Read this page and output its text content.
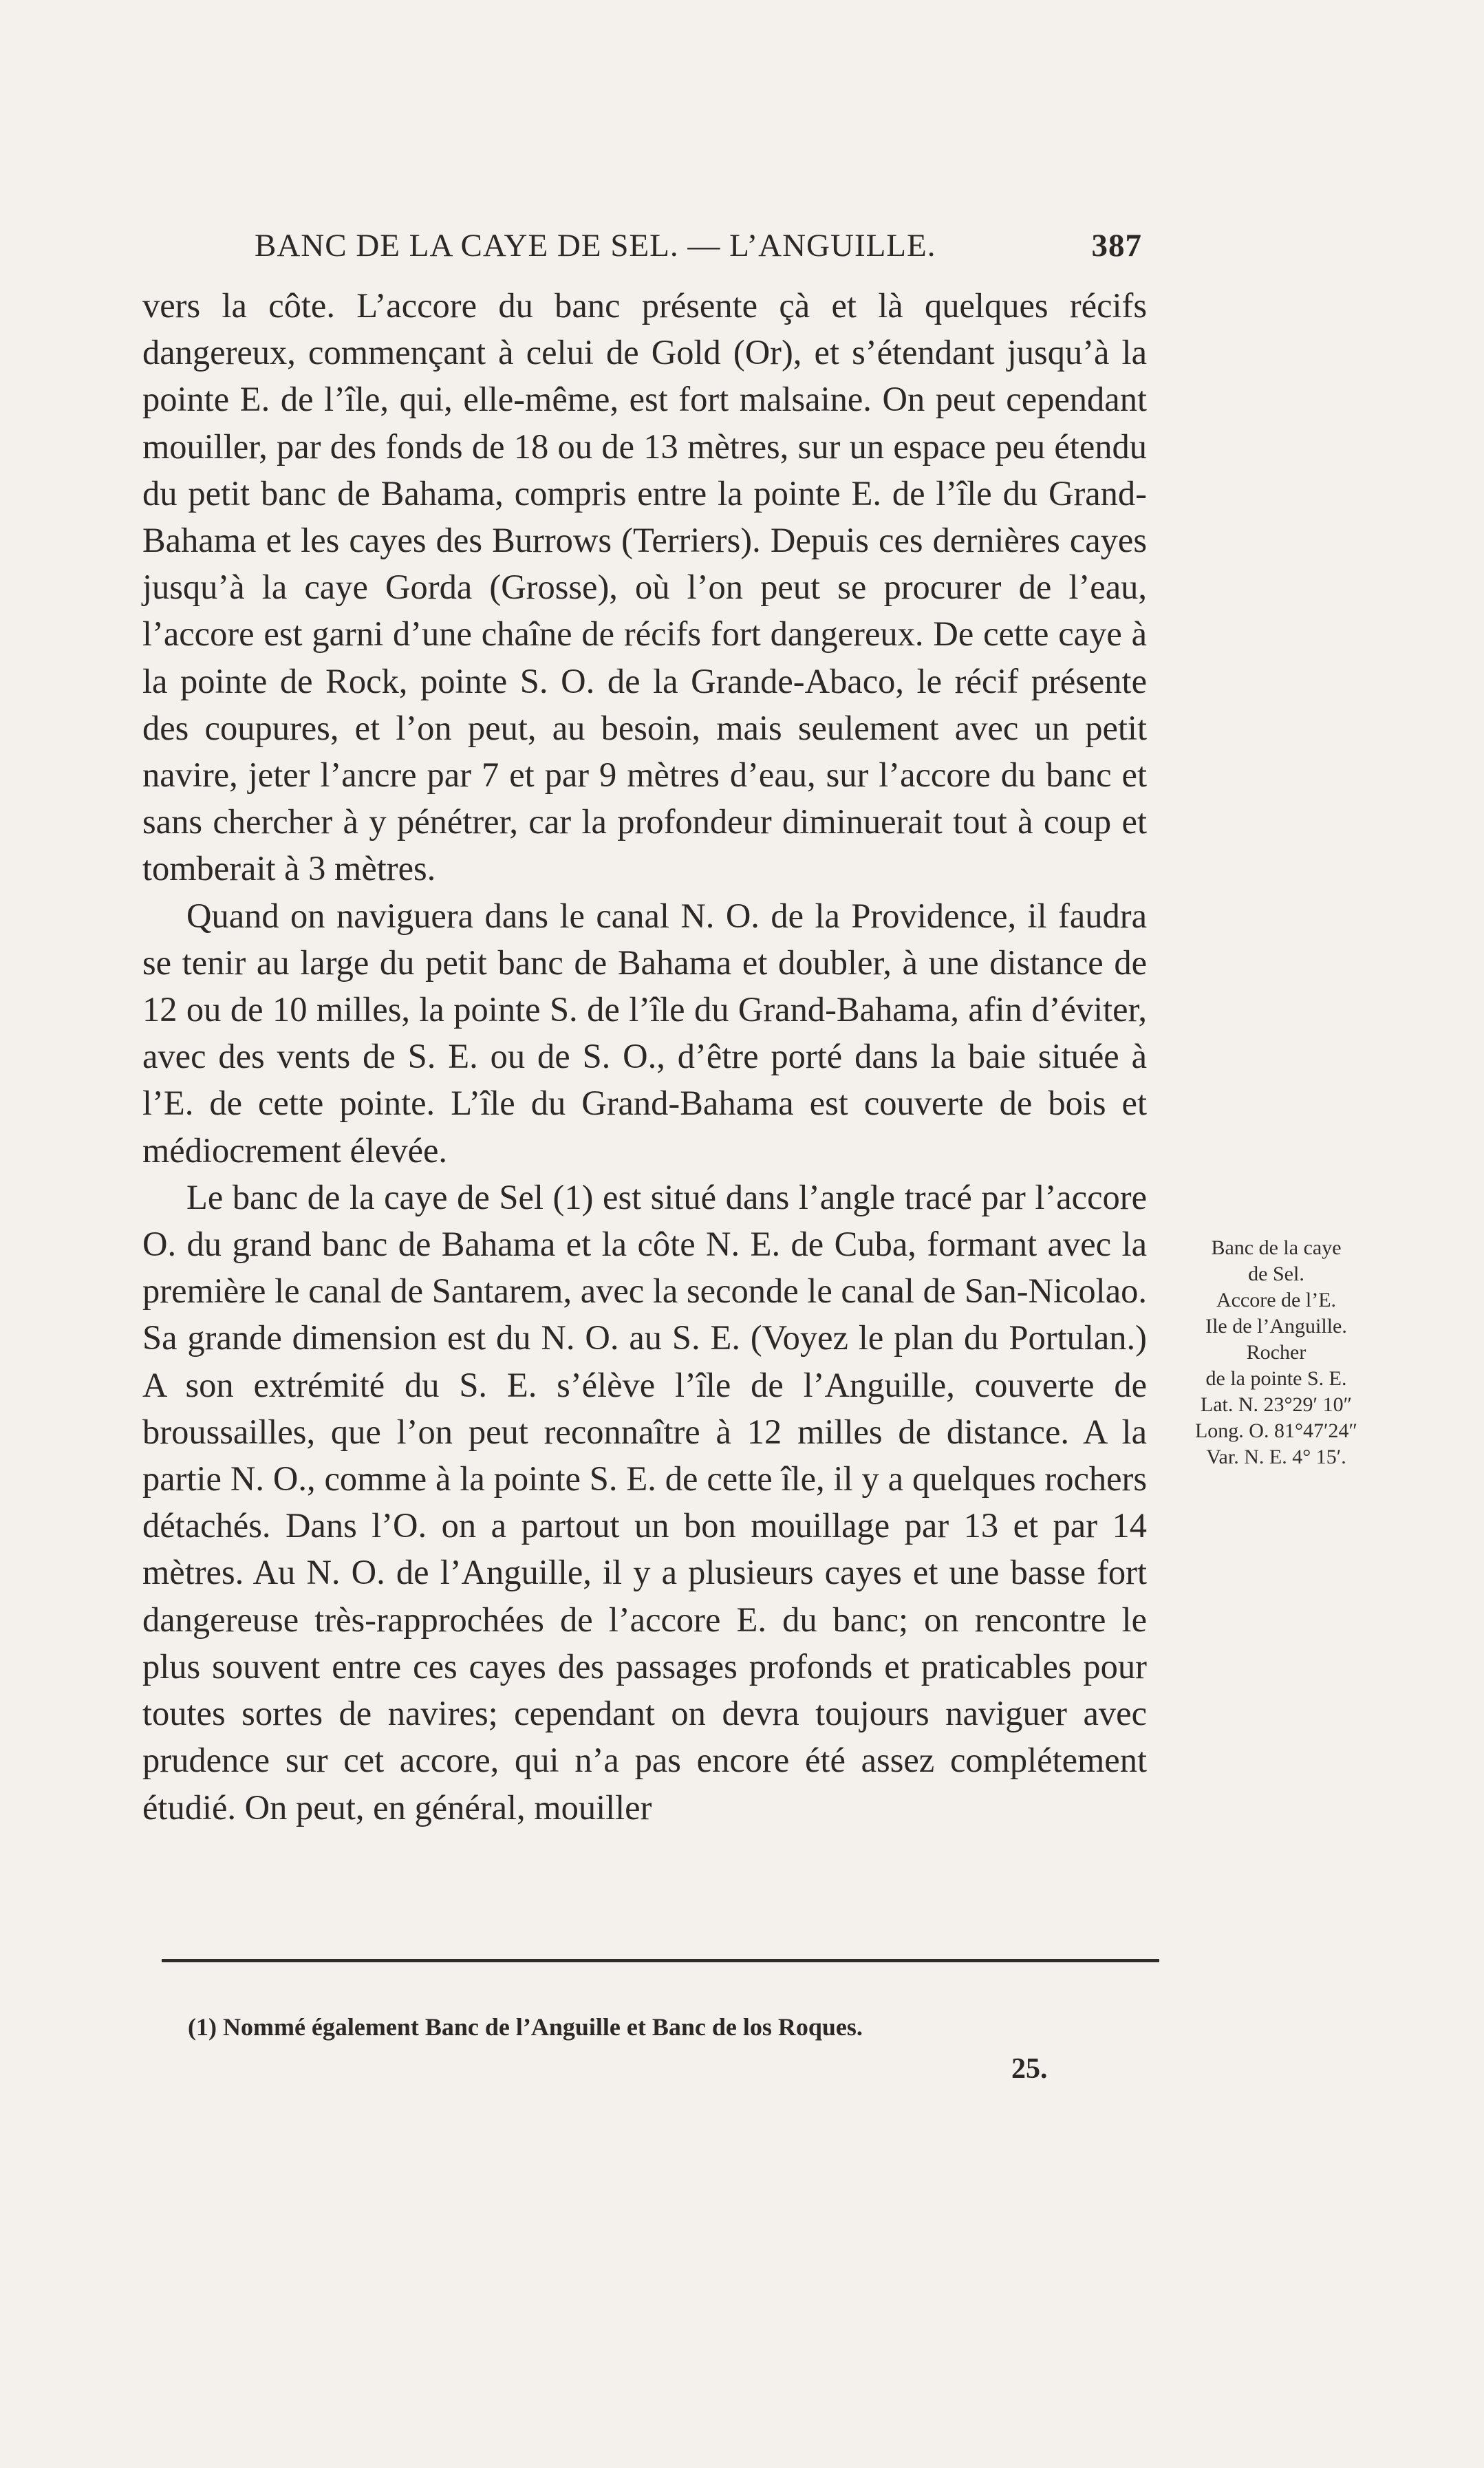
BANC DE LA CAYE DE SEL. — L’ANGUILLE.	387

vers la côte. L’accore du banc présente çà et là quelques récifs dangereux, commençant à celui de Gold (Or), et s’étendant jusqu’à la pointe E. de l’île, qui, elle-même, est fort malsaine. On peut cependant mouiller, par des fonds de 18 ou de 13 mètres, sur un espace peu étendu du petit banc de Bahama, compris entre la pointe E. de l’île du Grand-Bahama et les cayes des Burrows (Terriers). Depuis ces dernières cayes jusqu’à la caye Gorda (Grosse), où l’on peut se procurer de l’eau, l’accore est garni d’une chaîne de récifs fort dangereux. De cette caye à la pointe de Rock, pointe S. O. de la Grande-Abaco, le récif présente des coupures, et l’on peut, au besoin, mais seulement avec un petit navire, jeter l’ancre par 7 et par 9 mètres d’eau, sur l’accore du banc et sans chercher à y pénétrer, car la profondeur diminuerait tout à coup et tomberait à 3 mètres.

Quand on naviguera dans le canal N. O. de la Providence, il faudra se tenir au large du petit banc de Bahama et doubler, à une distance de 12 ou de 10 milles, la pointe S. de l’île du Grand-Bahama, afin d’éviter, avec des vents de S. E. ou de S. O., d’être porté dans la baie située à l’E. de cette pointe. L’île du Grand-Bahama est couverte de bois et médiocrement élevée.

Le banc de la caye de Sel (1) est situé dans l’angle tracé par l’accore O. du grand banc de Bahama et la côte N. E. de Cuba, formant avec la première le canal de Santarem, avec la seconde le canal de San-Nicolao. Sa grande dimension est du N. O. au S. E. (Voyez le plan du Portulan.) A son extrémité du S. E. s’élève l’île de l’Anguille, couverte de broussailles, que l’on peut reconnaître à 12 milles de distance. A la partie N. O., comme à la pointe S. E. de cette île, il y a quelques rochers détachés. Dans l’O. on a partout un bon mouillage par 13 et par 14 mètres. Au N. O. de l’Anguille, il y a plusieurs cayes et une basse fort dangereuse très-rapprochées de l’accore E. du banc; on rencontre le plus souvent entre ces cayes des passages profonds et praticables pour toutes sortes de navires; cependant on devra toujours naviguer avec prudence sur cet accore, qui n’a pas encore été assez complétement étudié. On peut, en général, mouiller

Banc de la caye
de Sel.
Accore de l’E.
Ile de l’Anguille.
Rocher
de la pointe S. E.
Lat. N. 23°29′ 10″
Long. O. 81°47′24″
Var. N. E. 4° 15′.
(1) Nommé également Banc de l’Anguille et Banc de los Roques.
25.
